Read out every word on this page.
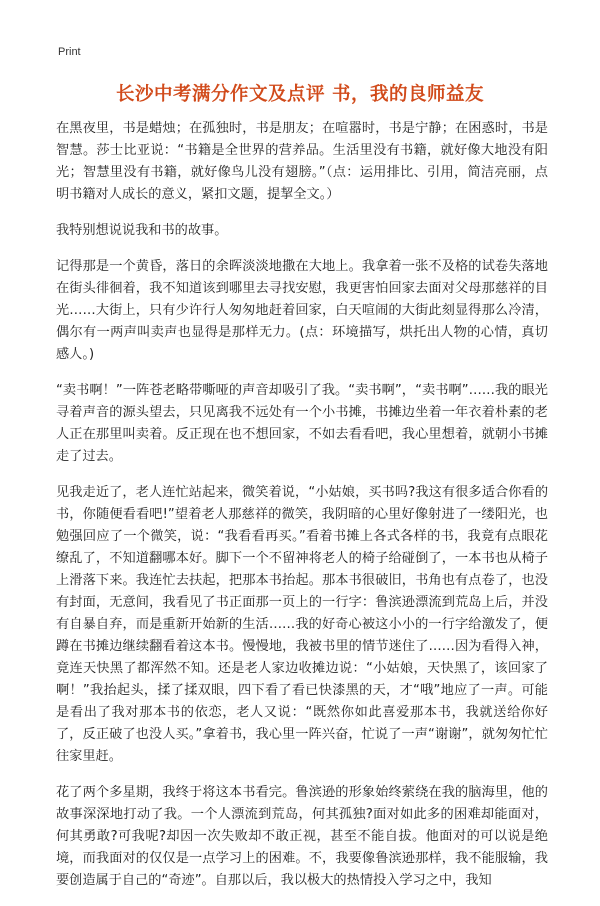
Print
长沙中考满分作文及点评 书，我的良师益友

在黑夜里，书是蜡烛；在孤独时，书是朋友；在喧嚣时，书是宁静；在困惑时，书是智慧。莎士比亚说：“书籍是全世界的营养品。生活里没有书籍，就好像大地没有阳光；智慧里没有书籍，就好像鸟儿没有翅膀。”（点：运用排比、引用，简洁亮丽，点明书籍对人成长的意义，紧扣文题，提挈全文。）

我特别想说说我和书的故事。

记得那是一个黄昏，落日的余晖淡淡地撒在大地上。我拿着一张不及格的试卷失落地在街头徘徊着，我不知道该到哪里去寻找安慰，我更害怕回家去面对父母那慈祥的目光……大街上，只有少许行人匆匆地赶着回家，白天喧闹的大街此刻显得那么冷清，偶尔有一两声叫卖声也显得是那样无力。(点：环境描写，烘托出人物的心情，真切感人。)

“卖书啊！”一阵苍老略带嘶哑的声音却吸引了我。“卖书啊”，“卖书啊”……我的眼光寻着声音的源头望去，只见离我不远处有一个小书摊，书摊边坐着一年衣着朴素的老人正在那里叫卖着。反正现在也不想回家，不如去看看吧，我心里想着，就朝小书摊走了过去。

见我走近了，老人连忙站起来，微笑着说，“小姑娘，买书吗?我这有很多适合你看的书，你随便看看吧!”望着老人那慈祥的微笑，我阴暗的心里好像射进了一缕阳光，也勉强回应了一个微笑，说：“我看看再买。”看着书摊上各式各样的书，我竟有点眼花缭乱了，不知道翻哪本好。脚下一个不留神将老人的椅子给碰倒了，一本书也从椅子上滑落下来。我连忙去扶起，把那本书抬起。那本书很破旧，书角也有点卷了，也没有封面，无意间，我看见了书正面那一页上的一行字：鲁滨逊漂流到荒岛上后，并没有自暴自弃，而是重新开始新的生活……我的好奇心被这小小的一行字给激发了，便蹲在书摊边继续翻看着这本书。慢慢地，我被书里的情节迷住了……因为看得入神，竟连天快黑了都浑然不知。还是老人家边收摊边说：“小姑娘，天快黑了，该回家了啊！”我抬起头，揉了揉双眼，四下看了看已快漆黑的天，才“哦”地应了一声。可能是看出了我对那本书的依恋，老人又说：“既然你如此喜爱那本书，我就送给你好了，反正破了也没人买。”拿着书，我心里一阵兴奋，忙说了一声“谢谢”，就匆匆忙忙往家里赶。

花了两个多星期，我终于将这本书看完。鲁滨逊的形象始终萦绕在我的脑海里，他的故事深深地打动了我。一个人漂流到荒岛，何其孤独?面对如此多的困难却能面对，何其勇敢?可我呢?却因一次失败却不敢正视，甚至不能自拔。他面对的可以说是绝境，而我面对的仅仅是一点学习上的困难。不，我要像鲁滨逊那样，我不能服输，我要创造属于自己的“奇迹”。自那以后，我以极大的热情投入学习之中，我知
